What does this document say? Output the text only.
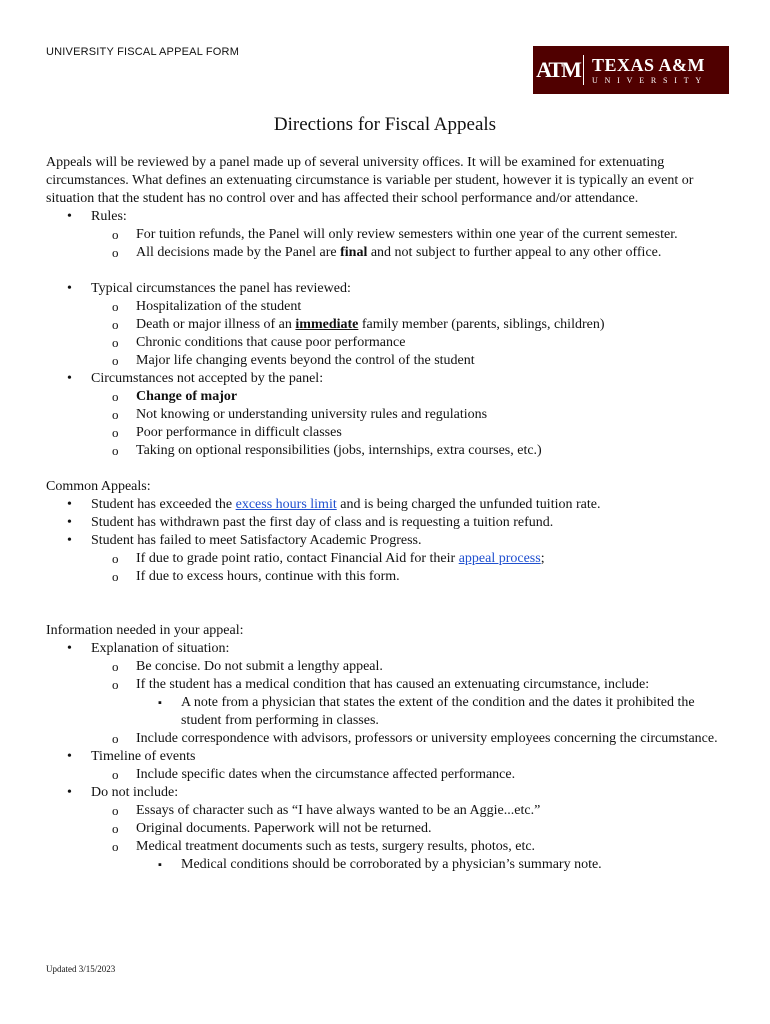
UNIVERSITY FISCAL APPEAL FORM
ATM TEXAS A&M
UNIVERSITY
Directions for Fiscal Appeals

Appeals will be reviewed by a panel made up of several university offices. It will be examined for extenuating circumstances. What defines an extenuating circumstance is variable per student, however it is typically an event or situation that the student has no control over and has affected their school performance and/or attendance.

• Rules:
o For tuition refunds, the Panel will only review semesters within one year of the current semester.
o All decisions made by the Panel are final and not subject to further appeal to any other office.
• Typical circumstances the panel has reviewed:
o Hospitalization of the student
o Death or major illness of an immediate family member (parents, siblings, children)
o Chronic conditions that cause poor performance
o Major life changing events beyond the control of the student
• Circumstances not accepted by the panel:
o Change of major
o Not knowing or understanding university rules and regulations
o Poor performance in difficult classes
o Taking on optional responsibilities (jobs, internships, extra courses, etc.)

Common Appeals:

• Student has exceeded the excess hours limit and is being charged the unfunded tuition rate.
• Student has withdrawn past the first day of class and is requesting a tuition refund.
• Student has failed to meet Satisfactory Academic Progress.
o If due to grade point ratio, contact Financial Aid for their appeal process;
o If due to excess hours, continue with this form.

Information needed in your appeal:

• Explanation of situation:
o Be concise. Do not submit a lengthy appeal.
o If the student has a medical condition that has caused an extenuating circumstance, include:
▪ A note from a physician that states the extent of the condition and the dates it prohibited the student from performing in classes.
o Include correspondence with advisors, professors or university employees concerning the circumstance.
• Timeline of events
o Include specific dates when the circumstance affected performance.
• Do not include:
o Essays of character such as “I have always wanted to be an Aggie...etc.”
o Original documents. Paperwork will not be returned.
o Medical treatment documents such as tests, surgery results, photos, etc.
▪ Medical conditions should be corroborated by a physician’s summary note.
Updated 3/15/2023
